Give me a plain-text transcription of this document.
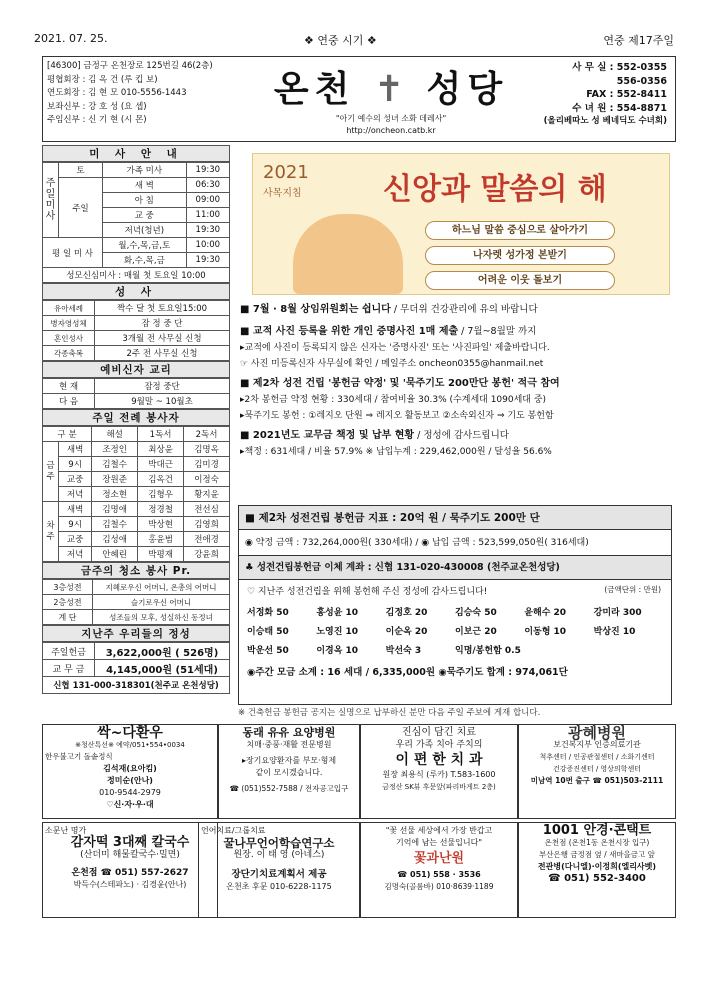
2021. 07. 25.	❖ 연중 시기 ❖	연중 제17주일
[46300] 금정구 온천장로 125번길 46(2층)
평협회장 : 김 옥 건 (루 킵 보)
연도회장 : 김 현 모 010-5556-1443
보좌신부 : 강 호 성 (요 셉)
주임신부 : 신 기 현 (시 몬)
온천 ✝ 성당
"아기 예수의 성녀 소화 데레사"
http://oncheon.catb.kr
사 무 실 : 552-0355
556-0356
FAX : 552-8411
수 녀 원 : 554-8871
(올리베따노 성 베네딕도 수녀회)
미 사 안 내
주일미사	토	가족 미사	19:30
	주일	새 벽	06:30
		아 침	09:00
		교 중	11:00
		저녁(청년)	19:30
평 일 미 사		월,수,목,금,토	10:00
		화,수,목,금	19:30
성모신심미사 : 매월 첫 토요일 10:00			
성 사
유아세례	짝수 달 첫 토요일15:00
병자영성체	잠 정 중 단
혼인성사	3개월 전 사무실 신청
각종축복	2주 전 사무실 신청
예비신자 교리
현 재	잠정 중단
다 음	9월말 ~ 10월초
주일 전례 봉사자
구 분		해설	1독서	2독서
금주	새벽	조정인	최상윤	김명옥
	9시	김철수	박대근	김미경
	교중	장원준	김옥건	이정숙
	저녁	정소현	김형우	황지윤
차주	새벽	김명애	정경철	전선심
	9시	김철수	박상현	김영희
	교중	김성애	홍윤범	전애경
	저녁	안혜린	박평재	강윤희
금주의 청소 봉사 Pr.
3층성전	지혜로우신 어머니, 온총의 어머니
2층성전	슬기로우신 어머니
계 단	성조들의 모후, 성실하신 동정녀
지난주 우리들의 정성
주일헌금	3,622,000원 ( 526명)
교 무 금	4,145,000원 (51세대)
신협 131-000-318301(천주교 온천성당)	
2021
사목지침	신앙과 말씀의 해
하느님 말씀 중심으로 살아가기
나자렛 성가정 본받기
어려운 이웃 돌보기
■ 7월 · 8월 상임위원회는 쉽니다 / 무더위 건강관리에 유의 바랍니다
■ 교적 사진 등록을 위한 개인 증명사진 1매 제출 / 7월~8월말 까지
▸교적에 사진이 등록되지 않은 신자는 '증명사진' 또는 '사진파일' 제출바랍니다.
☞ 사진 미등록신자 사무실에 확인 / 메일주소 oncheon0355@hanmail.net
■ 제2차 성전 건립 '봉헌금 약정' 및 '묵주기도 200만단 봉헌' 적극 참여
▸2차 봉헌금 약정 현황 : 330세대 / 참여비율 30.3% (수계세대 1090세대 중)
▸묵주기도 봉헌 : ①레지오 단원 ⇒ 레지오 활동보고 ②소속외신자 ⇒ 기도 봉헌함
■ 2021년도 교무금 책정 및 납부 현황 / 정성에 감사드립니다
▸책정 : 631세대 / 비율 57.9% ※ 납입누계 : 229,462,000원 / 달성율 56.6%
■ 제2차 성전건립 봉헌금 지표 : 20억 원 / 묵주기도 200만 단
◉ 약정 금액 : 732,264,000원( 330세대) / ◉ 납입 금액 : 523,599,050원( 316세대)
♣ 성전건립봉헌금 이체 계좌 : 신협 131-020-430008 (천주교온천성당)
♡ 지난주 성전건립을 위해 봉헌해 주신 정성에 감사드립니다!	(금액단위 : 만원)
서정화 50	홍성윤 10	김정호 20	김승숙 50	윤해수 20	강미라 300
이승태 50	노영진 10	이순옥 20	이보근 20	이동형 10	박상진 10
박운선 50	이경옥 10	박선숙 3	익명/봉헌함 0.5
◉주간 모금 소계 : 16 세대 / 6,335,000원 ◉묵주기도 합계 : 974,061단
※ 건축헌금 봉헌금 공지는 실명으로 납부하신 분만 다음 주일 주보에 게재 합니다.
싹~다환우
※청산특선※ 예약/051•554•0034
한우불고기 돌솥정식
김석재(요아킴)
정미순(안나)
010-9544-2979
♡신·자·우·대
동래 유유 요양병원
치매·중풍·재활 전문병원
▸장기요양환자를 부모·형제
같이 모시겠습니다.
☎ (051)552-7588 / 전자공고입구
진심이 담긴 치료
우리 가족 치아 주치의
이 편 한 치 과
원장 최용식 (루카) T.583-1600
금정산 SK뷰 후문앞(파리바게트 2층)
광혜병원
보건복지부 인증의료기관
척추센터 / 인공관절센터 / 소화기센터
건강증진센터 / 영상의학센터
미남역 10번 출구 ☎ 051)503-2111
소문난 명가
감자떡 3대째 칼국수
(산더미 해물칼국수·밀면)
온천점 ☎ 051) 557-2627
박득수(스테파노) · 김경윤(안나)
언어치료/그룹치료
꿀나무언어학습연구소
원장. 이 태 영 (아네스)
장단기치료계획서 제공
온천초 후문 010-6228-1175
"꽃 선물 세상에서 가장 반갑고
기억에 남는 선물입니다"
꽃과난원
☎ 051) 558 · 3536
김명숙(골롬바) 010·8639·1189
1001 안경·콘택트
온천점 (온천1동 온천시장 입구)
부산은행 금정점 옆 / 새마을금고 앞
전관병(다니엘)·이정희(엘리사벳)
☎ 051) 552-3400
